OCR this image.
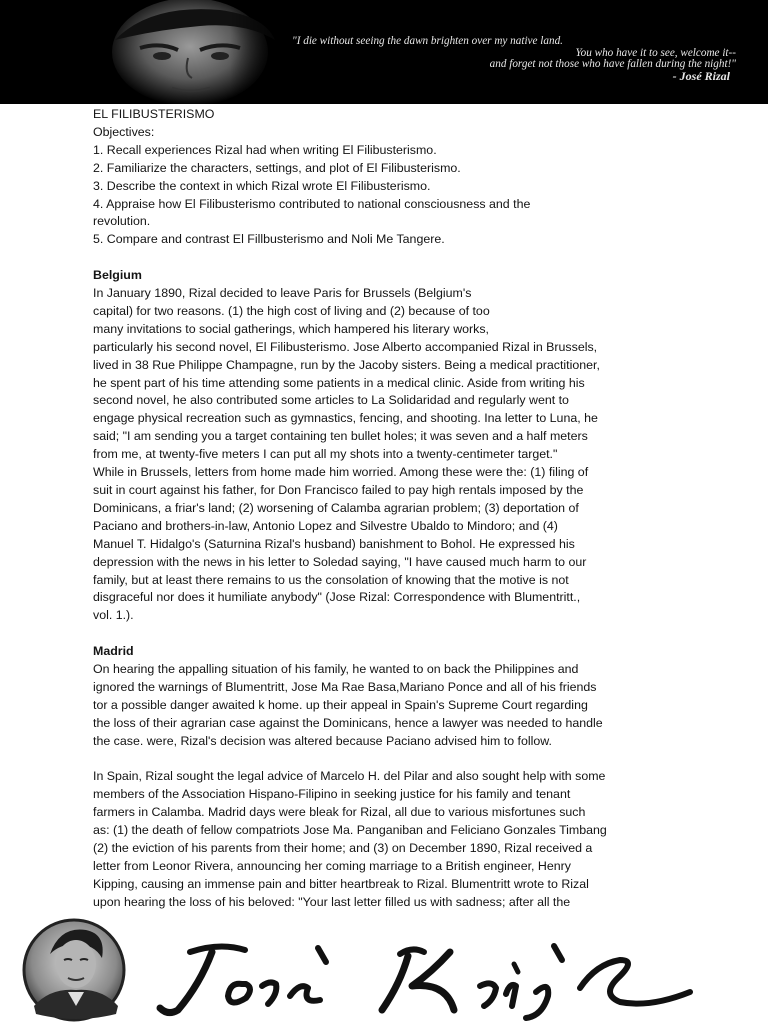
"I die without seeing the dawn brighten over my native land.
You who have it to see, welcome it--
and forget not those who have fallen during the night!"
- José Rizal
EL FILIBUSTERISMO
Objectives:
1. Recall experiences Rizal had when writing El Filibusterismo.
2. Familiarize the characters, settings, and plot of El Filibusterismo.
3. Describe the context in which Rizal wrote El Filibusterismo.
4. Appraise how El Filibusterismo contributed to national consciousness and the
revolution.
5. Compare and contrast El Fillbusterismo and Noli Me Tangere.
Belgium
In January 1890, Rizal decided to leave Paris for Brussels (Belgium's
capital) for two reasons. (1) the high cost of living and (2) because of too
many invitations to social gatherings, which hampered his literary works,
particularly his second novel, El Filibusterismo. Jose Alberto accompanied Rizal in Brussels,
lived in 38 Rue Philippe Champagne, run by the Jacoby sisters. Being a medical practitioner,
he spent part of his time attending some patients in a medical clinic. Aside from writing his
second novel, he also contributed some articles to La Solidaridad and regularly went to
engage physical recreation such as gymnastics, fencing, and shooting. Ina letter to Luna, he
said; "I am sending you a target containing ten bullet holes; it was seven and a half meters
from me, at twenty-five meters I can put all my shots into a twenty-centimeter target."
While in Brussels, letters from home made him worried. Among these were the: (1) filing of
suit in court against his father, for Don Francisco failed to pay high rentals imposed by the
Dominicans, a friar's land; (2) worsening of Calamba agrarian problem; (3) deportation of
Paciano and brothers-in-law, Antonio Lopez and Silvestre Ubaldo to Mindoro; and (4)
Manuel T. Hidalgo's (Saturnina Rizal's husband) banishment to Bohol. He expressed his
depression with the news in his letter to Soledad saying, "I have caused much harm to our
family, but at least there remains to us the consolation of knowing that the motive is not
disgraceful nor does it humiliate anybody" (Jose Rizal: Correspondence with Blumentritt.,
vol. 1.).
Madrid
On hearing the appalling situation of his family, he wanted to on back the Philippines and
ignored the warnings of Blumentritt, Jose Ma Rae Basa,Mariano Ponce and all of his friends
tor a possible danger awaited k home. up their appeal in Spain's Supreme Court regarding
the loss of their agrarian case against the Dominicans, hence a lawyer was needed to handle
the case. were, Rizal's decision was altered because Paciano advised him to follow.
In Spain, Rizal sought the legal advice of Marcelo H. del Pilar and also sought help with some
members of the Association Hispano-Filipino in seeking justice for his family and tenant
farmers in Calamba. Madrid days were bleak for Rizal, all due to various misfortunes such
as: (1) the death of fellow compatriots Jose Ma. Panganiban and Feliciano Gonzales Timbang
(2) the eviction of his parents from their home; and (3) on December 1890, Rizal received a
letter from Leonor Rivera, announcing her coming marriage to a British engineer, Henry
Kipping, causing an immense pain and bitter heartbreak to Rizal. Blumentritt wrote to Rizal
upon hearing the loss of his beloved: "Your last letter filled us with sadness; after all the
